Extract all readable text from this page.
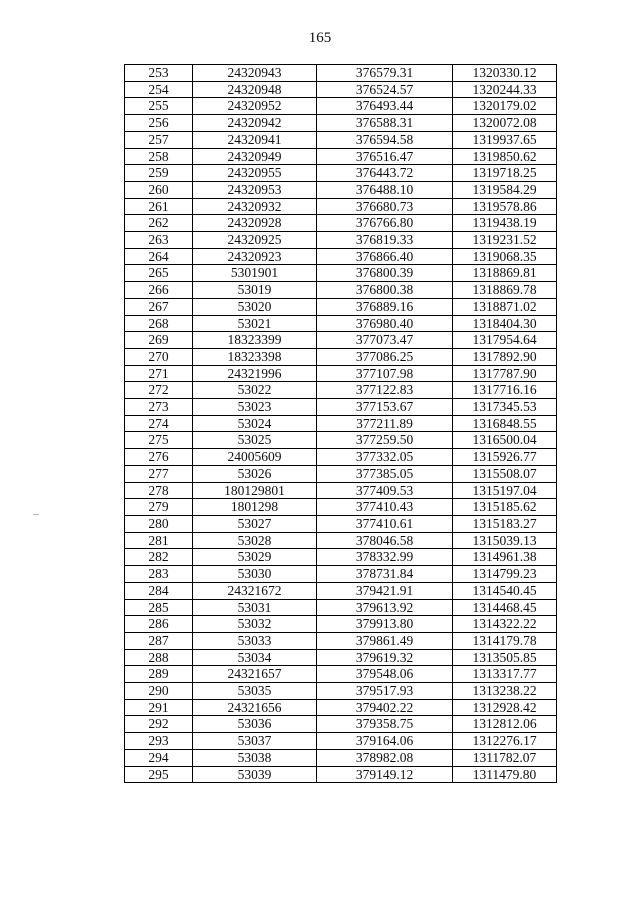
165
253	24320943	376579.31	1320330.12
254	24320948	376524.57	1320244.33
255	24320952	376493.44	1320179.02
256	24320942	376588.31	1320072.08
257	24320941	376594.58	1319937.65
258	24320949	376516.47	1319850.62
259	24320955	376443.72	1319718.25
260	24320953	376488.10	1319584.29
261	24320932	376680.73	1319578.86
262	24320928	376766.80	1319438.19
263	24320925	376819.33	1319231.52
264	24320923	376866.40	1319068.35
265	5301901	376800.39	1318869.81
266	53019	376800.38	1318869.78
267	53020	376889.16	1318871.02
268	53021	376980.40	1318404.30
269	18323399	377073.47	1317954.64
270	18323398	377086.25	1317892.90
271	24321996	377107.98	1317787.90
272	53022	377122.83	1317716.16
273	53023	377153.67	1317345.53
274	53024	377211.89	1316848.55
275	53025	377259.50	1316500.04
276	24005609	377332.05	1315926.77
277	53026	377385.05	1315508.07
278	180129801	377409.53	1315197.04
279	1801298	377410.43	1315185.62
280	53027	377410.61	1315183.27
281	53028	378046.58	1315039.13
282	53029	378332.99	1314961.38
283	53030	378731.84	1314799.23
284	24321672	379421.91	1314540.45
285	53031	379613.92	1314468.45
286	53032	379913.80	1314322.22
287	53033	379861.49	1314179.78
288	53034	379619.32	1313505.85
289	24321657	379548.06	1313317.77
290	53035	379517.93	1313238.22
291	24321656	379402.22	1312928.42
292	53036	379358.75	1312812.06
293	53037	379164.06	1312276.17
294	53038	378982.08	1311782.07
295	53039	379149.12	1311479.80
